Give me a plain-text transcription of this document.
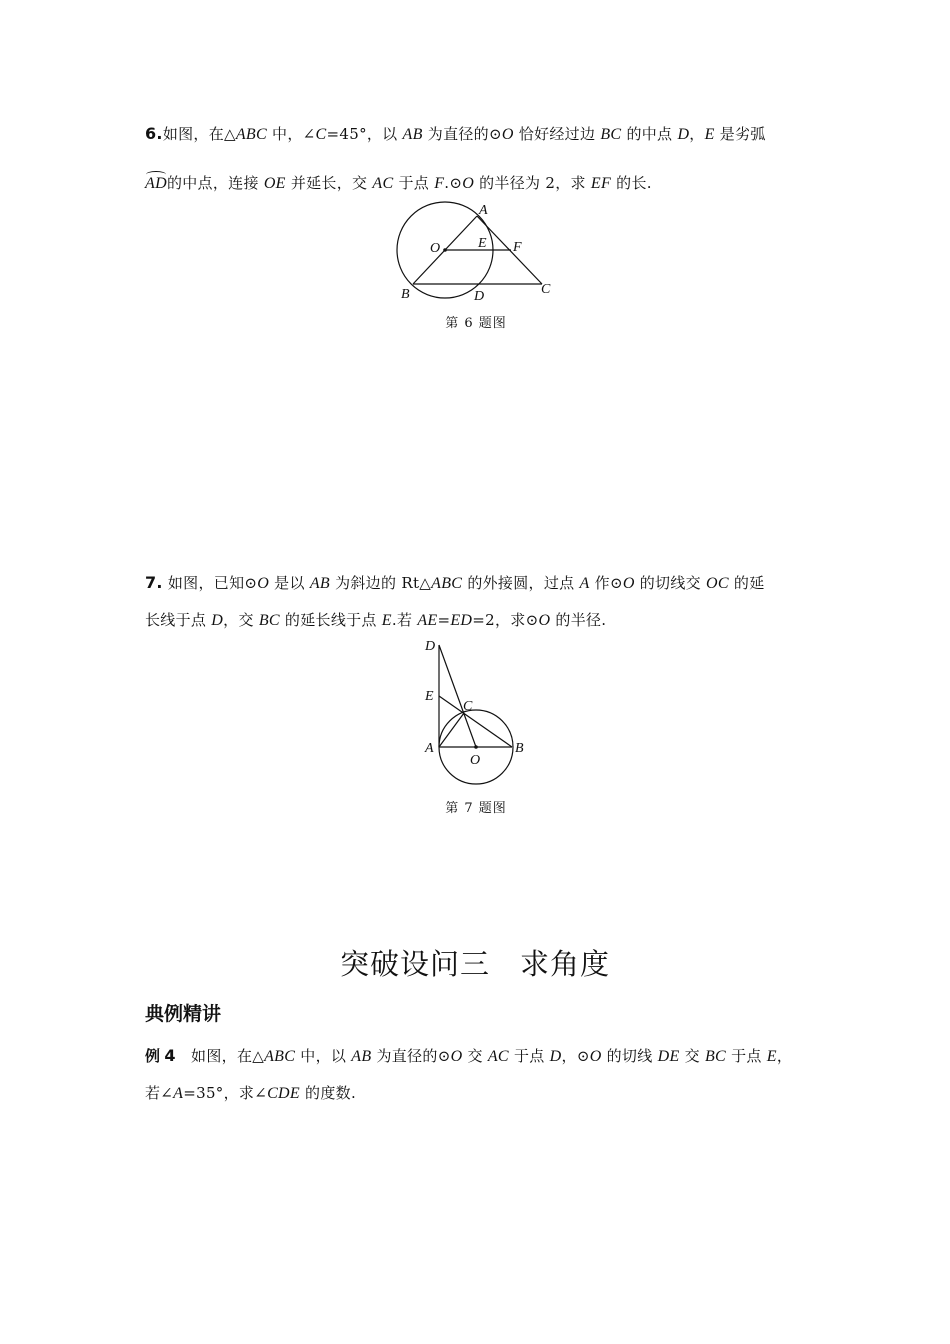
6.如图，在△ABC 中，∠C=45°，以 AB 为直径的⊙O 恰好经过边 BC 的中点 D，E 是劣弧
AD的中点，连接 OE 并延长，交 AC 于点 F.⊙O 的半径为 2，求 EF 的长.
A
B	C
D
E F
O
第 6 题图
7. 如图，已知⊙O 是以 AB 为斜边的 Rt△ABC 的外接圆，过点 A 作⊙O 的切线交 OC 的延
长线于点 D，交 BC 的延长线于点 E.若 AE=ED=2，求⊙O 的半径.
D
E
C
A	B
O
第 7 题图
突破设问三　求角度
典例精讲
例 4　如图，在△ABC 中，以 AB 为直径的⊙O 交 AC 于点 D，⊙O 的切线 DE 交 BC 于点 E，
若∠A=35°，求∠CDE 的度数.
